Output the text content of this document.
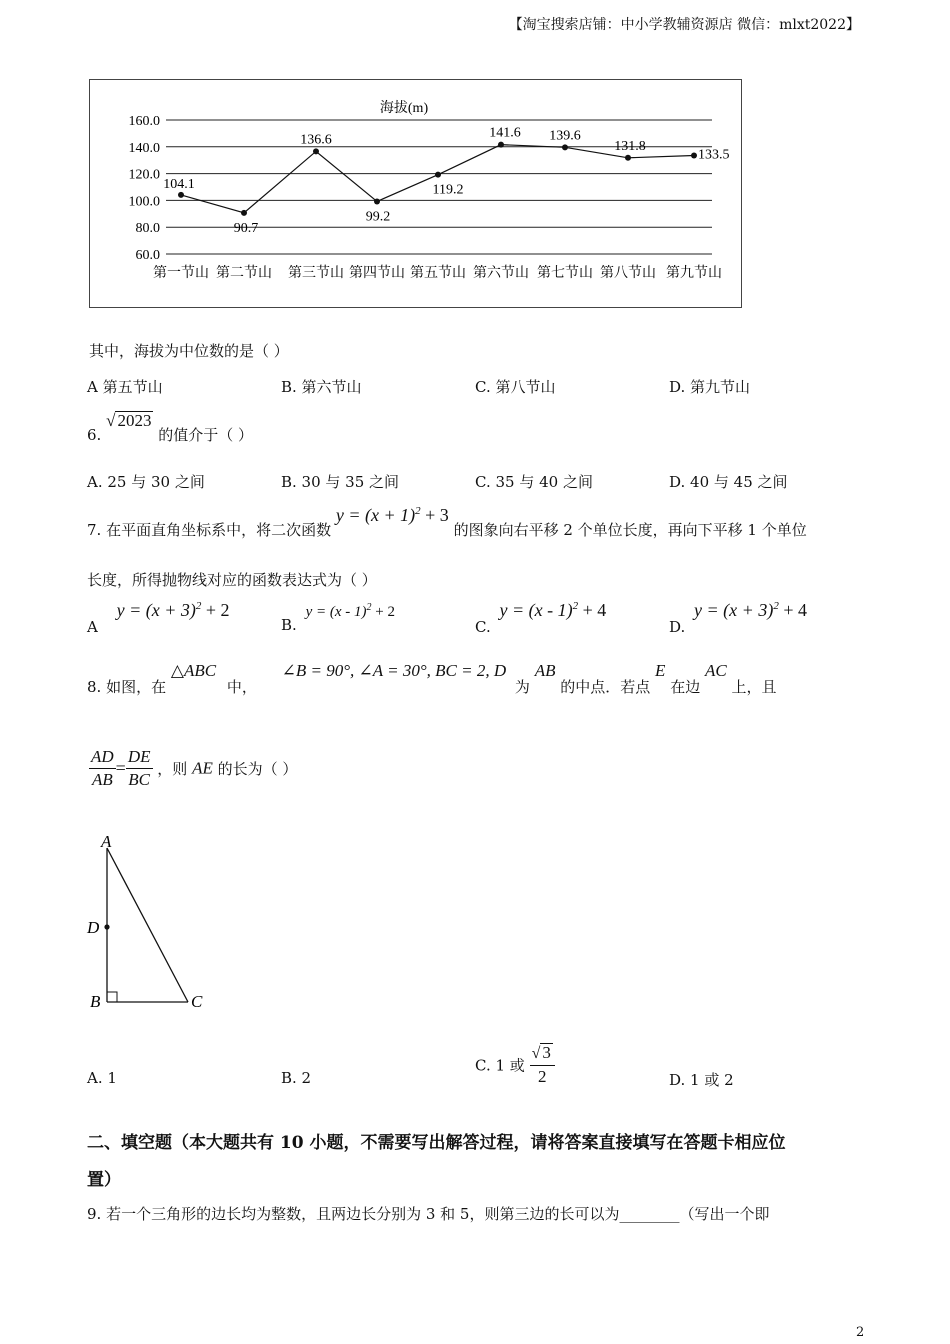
【淘宝搜索店铺：中小学教辅资源店 微信：mlxt2022】
海拔(m)
160.0
140.0
120.0
100.0
80.0
60.0
104.1
90.7
136.6
99.2
119.2
141.6 139.6
131.8
133.5
第一节山 第二节山 第三节山 第四节山 第五节山 第六节山 第七节山 第八节山 第九节山
其中，海拔为中位数的是（ ）
A 第五节山	B. 第六节山	C. 第八节山	D. 第九节山
6. √ 2023 的值介于（ ）
A. 25 与 30 之间	B. 30 与 35 之间	C. 35 与 40 之间	D. 40 与 45 之间
7. 在平面直角坐标系中，将二次函数 $y = (x + 1)^2 + 3$ 的图象向右平移 2 个单位长度，再向下平移 1 个单位
长度，所得抛物线对应的函数表达式为（ ）
A $y = (x + 3)^2 + 2$
B. y = (x - 1)$^2$ + 2
C. y = (x - 1)$^2$ + 4
D. $y = (x + 3)^2 + 4$
8. 如图，在 △ABC 中， ∠B = 90°, ∠A = 30°, BC = 2, D 为 AB 的中点．若点 E 在边 AC 上，且
$\frac{AD}{AB} = \frac{DE}{BC}$ ，则 AE 的长为（ ）
A
D
B	C
A. 1	B. 2
C. 1 或 $\frac{√ 3}{2}$	D. 1 或 2
二、填空题（本大题共有 10 小题，不需要写出解答过程，请将答案直接填写在答题卡相应位
置）
9. 若一个三角形的边长均为整数，且两边长分别为 3 和 5，则第三边的长可以为________（写出一个即
2
